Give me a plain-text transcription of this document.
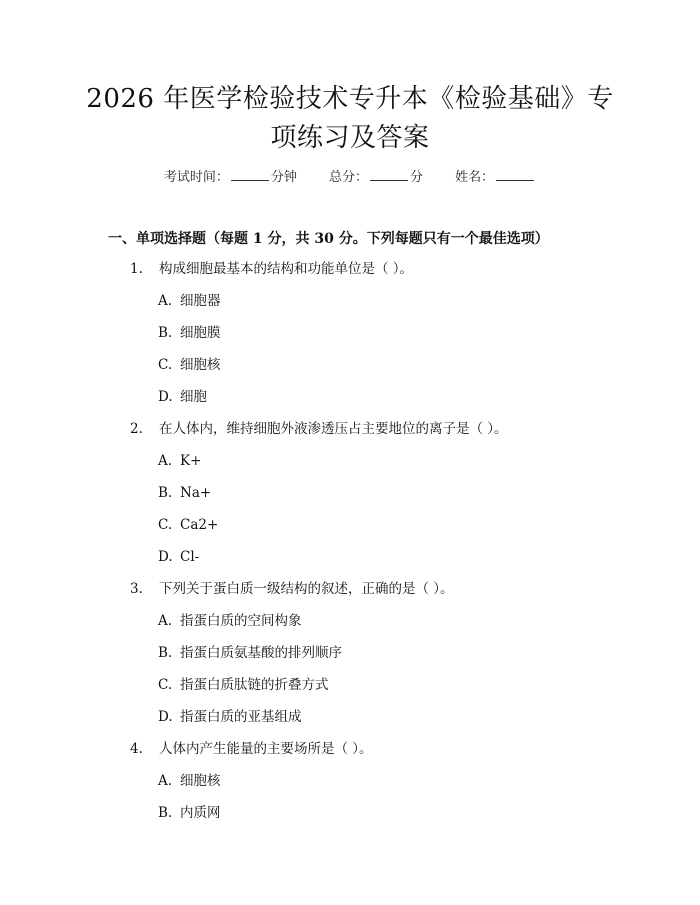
2026 年医学检验技术专升本《检验基础》专
项练习及答案
考试时间：	分钟 总分：	分 姓名：
一、单项选择题（每题 1 分，共 30 分。下列每题只有一个最佳选项）
1. 构成细胞最基本的结构和功能单位是（ ）。
A. 细胞器
B. 细胞膜
C. 细胞核
D. 细胞
2. 在人体内，维持细胞外液渗透压占主要地位的离子是（ ）。
A. K+
B. Na+
C. Ca2+
D. Cl-
3. 下列关于蛋白质一级结构的叙述，正确的是（ ）。
A. 指蛋白质的空间构象
B. 指蛋白质氨基酸的排列顺序
C. 指蛋白质肽链的折叠方式
D. 指蛋白质的亚基组成
4. 人体内产生能量的主要场所是（ ）。
A. 细胞核
B. 内质网
